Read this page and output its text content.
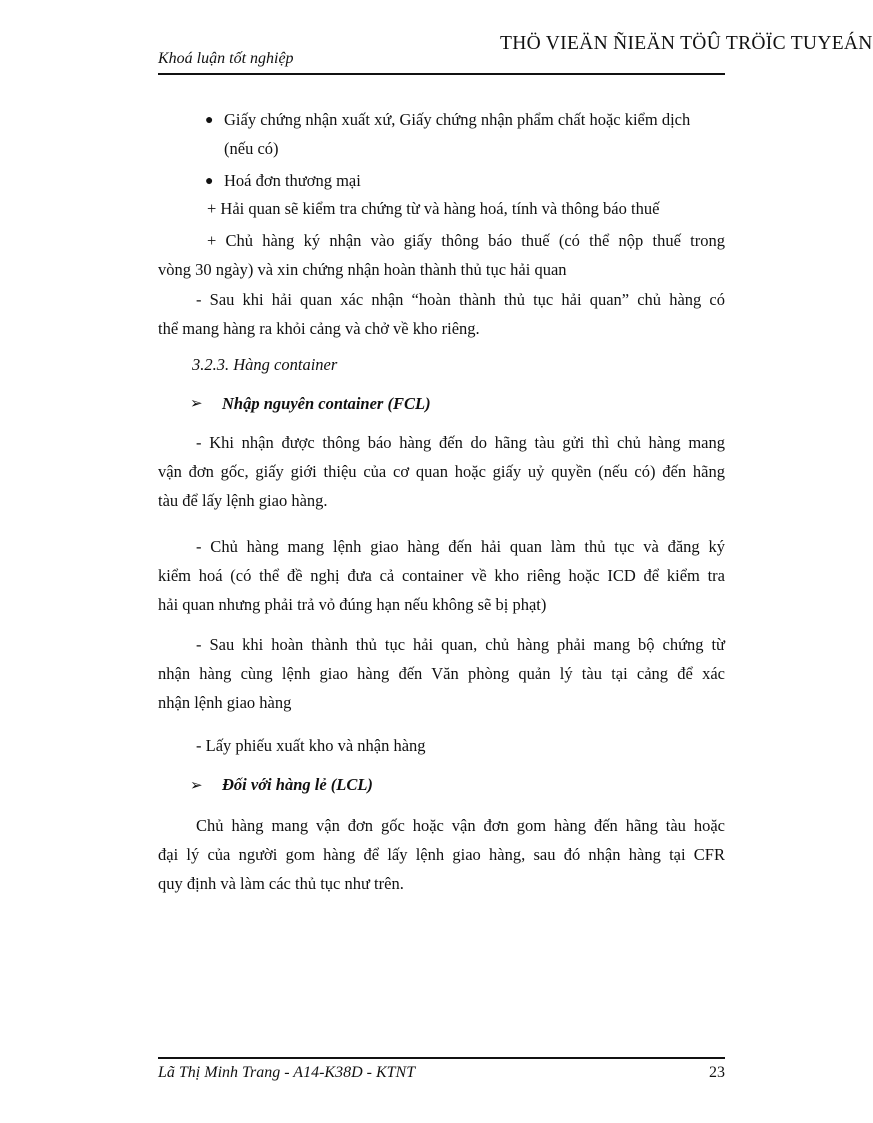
THÖ VIEÄN ÑIEÄN TÖÛ TRÖÏC TUYEÁN
Khoá luận tốt nghiệp
● Giấy chứng nhận xuất xứ, Giấy chứng nhận phẩm chất hoặc kiểm dịch
(nếu có)
● Hoá đơn thương mại
+ Hải quan sẽ kiểm tra chứng từ và hàng hoá, tính và thông báo thuế
+ Chủ hàng ký nhận vào giấy thông báo thuế (có thể nộp thuế trong
vòng 30 ngày) và xin chứng nhận hoàn thành thủ tục hải quan
- Sau khi hải quan xác nhận “hoàn thành thủ tục hải quan” chủ hàng có
thể mang hàng ra khỏi cảng và chở về kho riêng.
3.2.3. Hàng container
➢ Nhập nguyên container (FCL)
- Khi nhận được thông báo hàng đến do hãng tàu gửi thì chủ hàng mang
vận đơn gốc, giấy giới thiệu của cơ quan hoặc giấy uỷ quyền (nếu có) đến hãng
tàu để lấy lệnh giao hàng.
- Chủ hàng mang lệnh giao hàng đến hải quan làm thủ tục và đăng ký
kiểm hoá (có thể đề nghị đưa cả container về kho riêng hoặc ICD để kiểm tra
hải quan nhưng phải trả vỏ đúng hạn nếu không sẽ bị phạt)
- Sau khi hoàn thành thủ tục hải quan, chủ hàng phải mang bộ chứng từ
nhận hàng cùng lệnh giao hàng đến Văn phòng quản lý tàu tại cảng để xác
nhận lệnh giao hàng
- Lấy phiếu xuất kho và nhận hàng
➢ Đối với hàng lẻ (LCL)
Chủ hàng mang vận đơn gốc hoặc vận đơn gom hàng đến hãng tàu hoặc
đại lý của người gom hàng để lấy lệnh giao hàng, sau đó nhận hàng tại CFR
quy định và làm các thủ tục như trên.
Lã Thị Minh Trang - A14-K38D - KTNT	23
